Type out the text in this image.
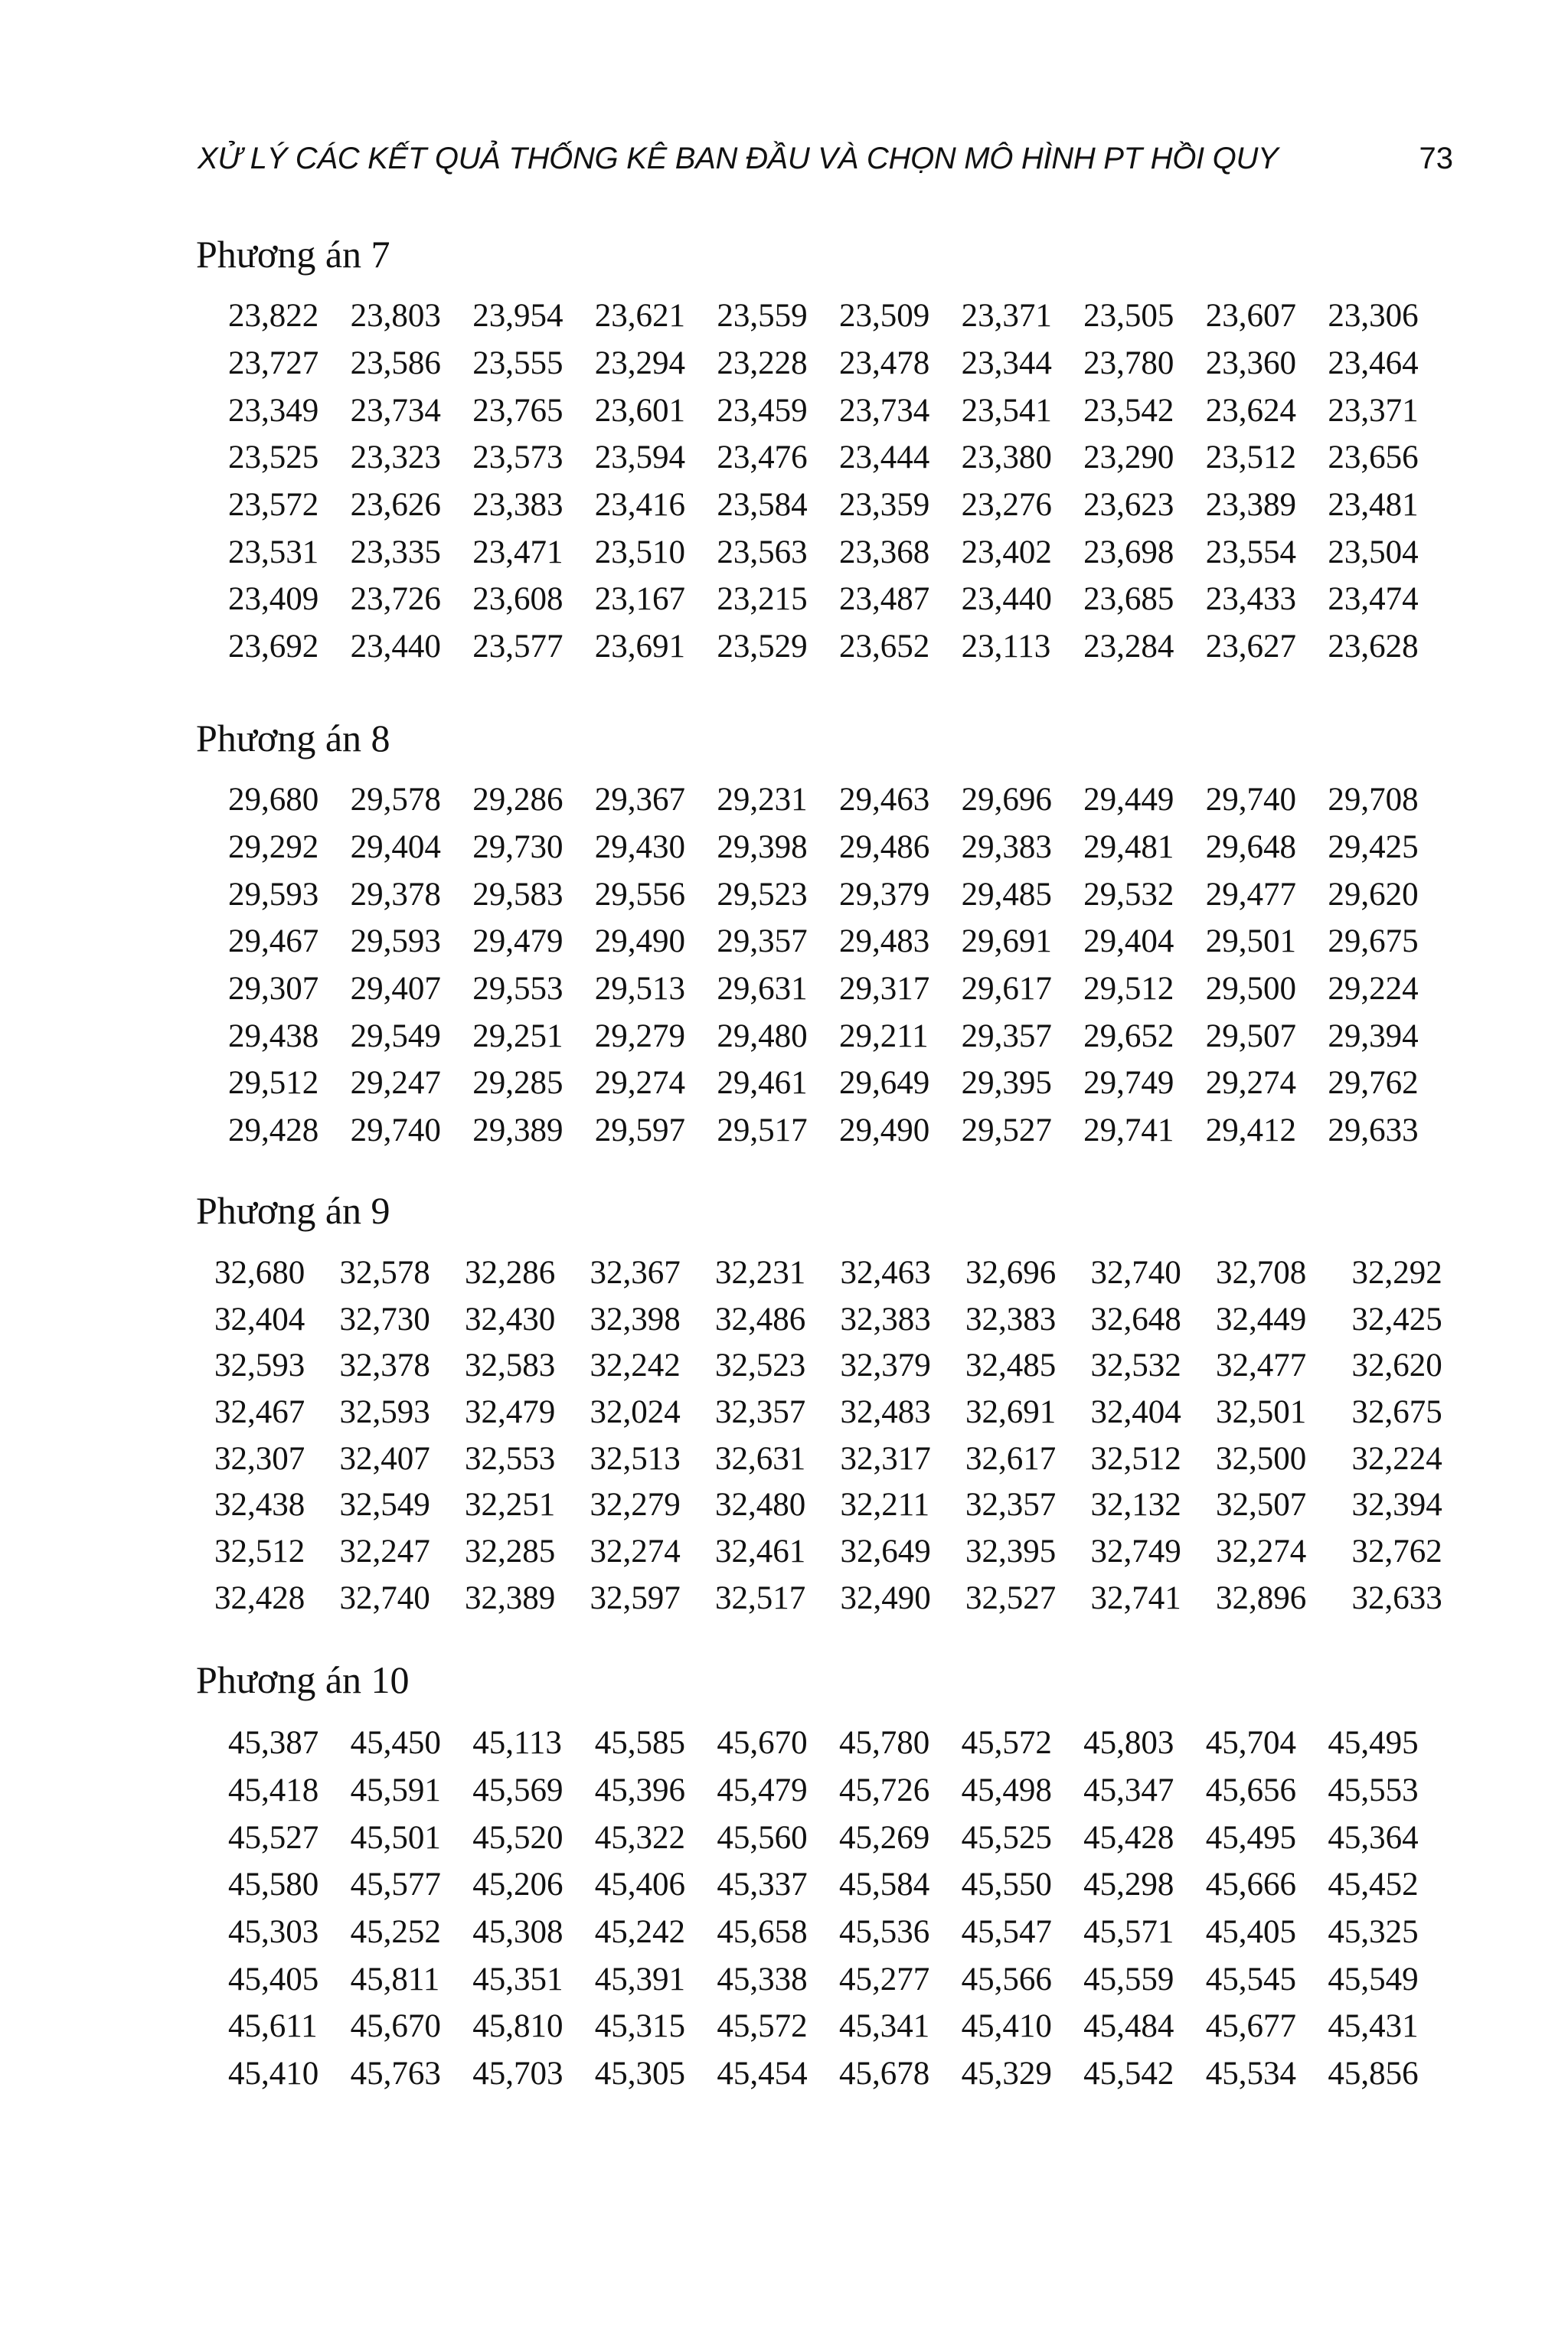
XỬ LÝ CÁC KẾT QUẢ THỐNG KÊ BAN ĐẦU VÀ CHỌN MÔ HÌNH PT HỒI QUY	73
Phương án 7
23,822 23,803 23,954 23,621 23,559 23,509 23,371 23,505 23,607 23,306
23,727 23,586 23,555 23,294 23,228 23,478 23,344 23,780 23,360 23,464
23,349 23,734 23,765 23,601 23,459 23,734 23,541 23,542 23,624 23,371
23,525 23,323 23,573 23,594 23,476 23,444 23,380 23,290 23,512 23,656
23,572 23,626 23,383 23,416 23,584 23,359 23,276 23,623 23,389 23,481
23,531 23,335 23,471 23,510 23,563 23,368 23,402 23,698 23,554 23,504
23,409 23,726 23,608 23,167 23,215 23,487 23,440 23,685 23,433 23,474
23,692 23,440 23,577 23,691 23,529 23,652 23,113 23,284 23,627 23,628
Phương án 8
29,680 29,578 29,286 29,367 29,231 29,463 29,696 29,449 29,740 29,708
29,292 29,404 29,730 29,430 29,398 29,486 29,383 29,481 29,648 29,425
29,593 29,378 29,583 29,556 29,523 29,379 29,485 29,532 29,477 29,620
29,467 29,593 29,479 29,490 29,357 29,483 29,691 29,404 29,501 29,675
29,307 29,407 29,553 29,513 29,631 29,317 29,617 29,512 29,500 29,224
29,438 29,549 29,251 29,279 29,480 29,211 29,357 29,652 29,507 29,394
29,512 29,247 29,285 29,274 29,461 29,649 29,395 29,749 29,274 29,762
29,428 29,740 29,389 29,597 29,517 29,490 29,527 29,741 29,412 29,633
Phương án 9
32,680	32,578	32,286	32,367	32,231	32,463	32,696	32,740	32,708	32,292
32,404	32,730	32,430	32,398	32,486	32,383	32,383	32,648	32,449	32,425
32,593	32,378	32,583	32,242	32,523	32,379	32,485	32,532	32,477	32,620
32,467	32,593	32,479	32,024	32,357	32,483	32,691	32,404	32,501	32,675
32,307	32,407	32,553	32,513	32,631	32,317	32,617	32,512	32,500	32,224
32,438	32,549	32,251	32,279	32,480	32,211	32,357	32,132	32,507	32,394
32,512	32,247	32,285	32,274	32,461	32,649	32,395	32,749	32,274	32,762
32,428	32,740	32,389	32,597	32,517	32,490	32,527	32,741	32,896	32,633
Phương án 10
45,387 45,450 45,113 45,585 45,670 45,780 45,572 45,803 45,704 45,495
45,418 45,591 45,569 45,396 45,479 45,726 45,498 45,347 45,656 45,553
45,527 45,501 45,520 45,322 45,560 45,269 45,525 45,428 45,495 45,364
45,580 45,577 45,206 45,406 45,337 45,584 45,550 45,298 45,666 45,452
45,303 45,252 45,308 45,242 45,658 45,536 45,547 45,571 45,405 45,325
45,405 45,811 45,351 45,391 45,338 45,277 45,566 45,559 45,545 45,549
45,611 45,670 45,810 45,315 45,572 45,341 45,410 45,484 45,677 45,431
45,410 45,763 45,703 45,305 45,454 45,678 45,329 45,542 45,534 45,856
